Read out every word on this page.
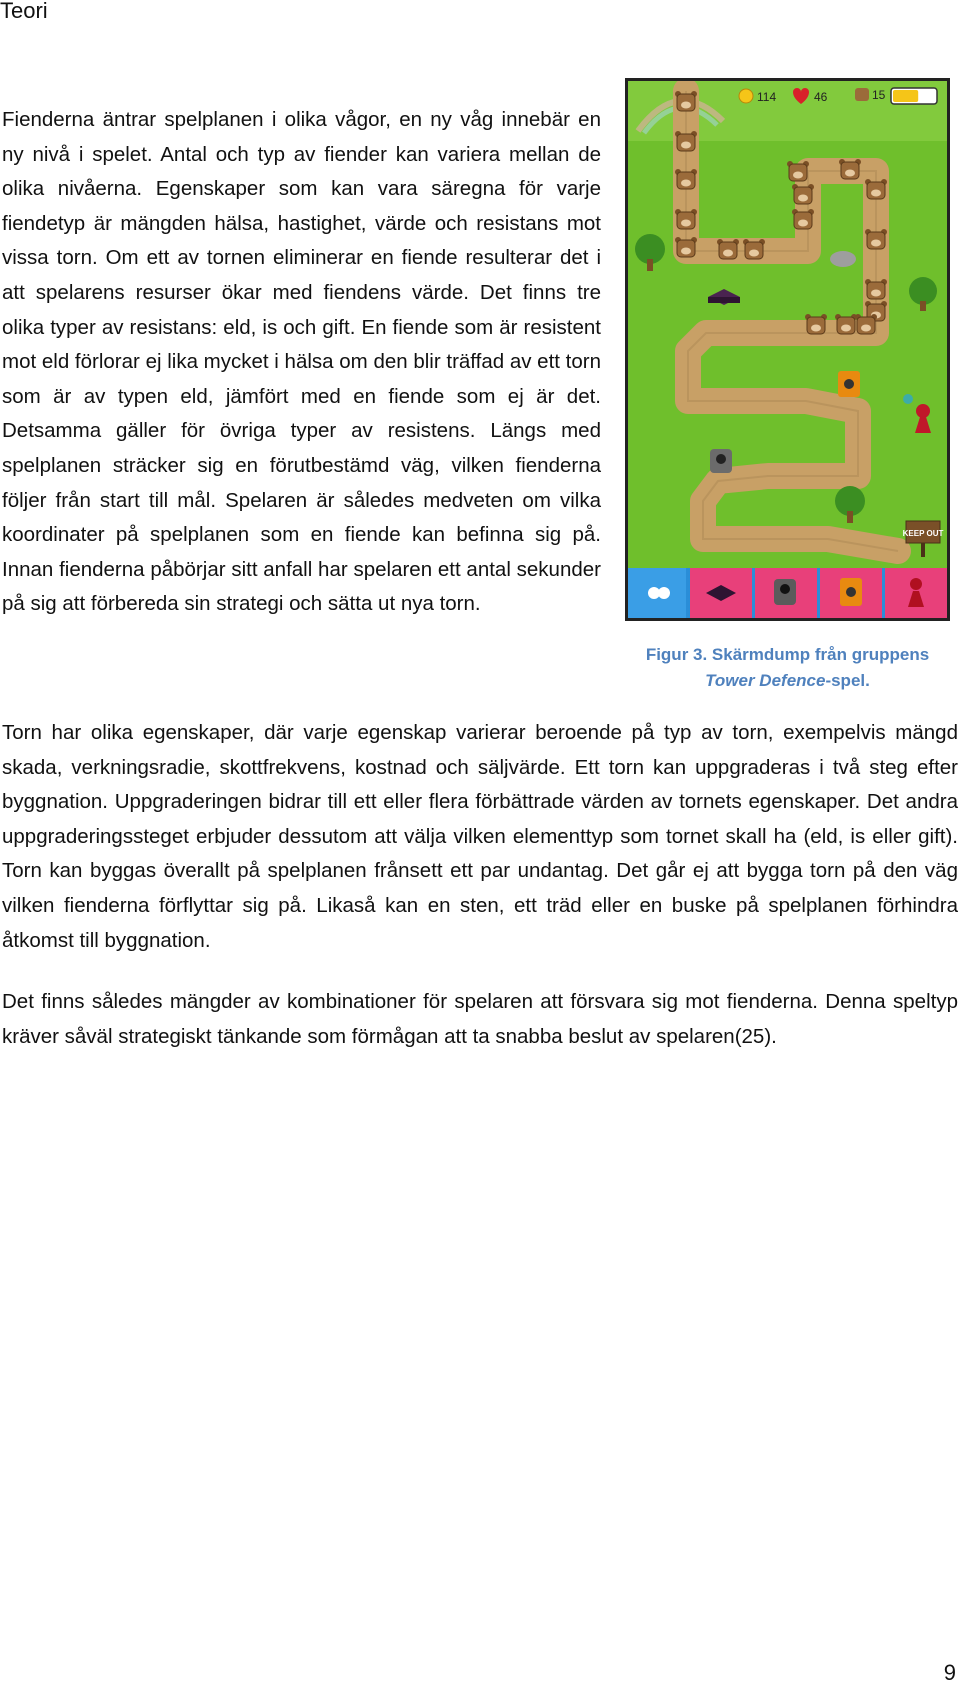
Teori

Fienderna äntrar spelplanen i olika vågor, en ny våg innebär en ny nivå i spelet. Antal och typ av fiender kan variera mellan de olika nivåerna. Egenskaper som kan vara säregna för varje fiendetyp är mängden hälsa, hastighet, värde och resistans mot vissa torn. Om ett av tornen eliminerar en fiende resulterar det i att spelarens resurser ökar med fiendens värde. Det finns tre olika typer av resistans: eld, is och gift. En fiende som är resistent mot eld förlorar ej lika mycket i hälsa om den blir träffad av ett torn som är av typen eld, jämfört med en fiende som ej är det. Detsamma gäller för övriga typer av resistens. Längs med spelplanen sträcker sig en förutbestämd väg, vilken fienderna följer från start till mål. Spelaren är således medveten om vilka koordinater på spelplanen som en fiende kan befinna sig på. Innan fienderna påbörjar sitt anfall har spelaren ett antal sekunder på sig att förbereda sin strategi och sätta ut nya torn.

114	46	15
KEEP OUT
Figur 3. Skärmdump från gruppens
Tower Defence-spel.

Torn har olika egenskaper, där varje egenskap varierar beroende på typ av torn, exempelvis mängd skada, verkningsradie, skottfrekvens, kostnad och säljvärde. Ett torn kan uppgraderas i två steg efter byggnation. Uppgraderingen bidrar till ett eller flera förbättrade värden av tornets egenskaper. Det andra uppgraderingssteget erbjuder dessutom att välja vilken elementtyp som tornet skall ha (eld, is eller gift). Torn kan byggas överallt på spelplanen frånsett ett par undantag. Det går ej att bygga torn på den väg vilken fienderna förflyttar sig på. Likaså kan en sten, ett träd eller en buske på spelplanen förhindra åtkomst till byggnation.

Det finns således mängder av kombinationer för spelaren att försvara sig mot fienderna. Denna speltyp kräver såväl strategiskt tänkande som förmågan att ta snabba beslut av spelaren(25).

9
